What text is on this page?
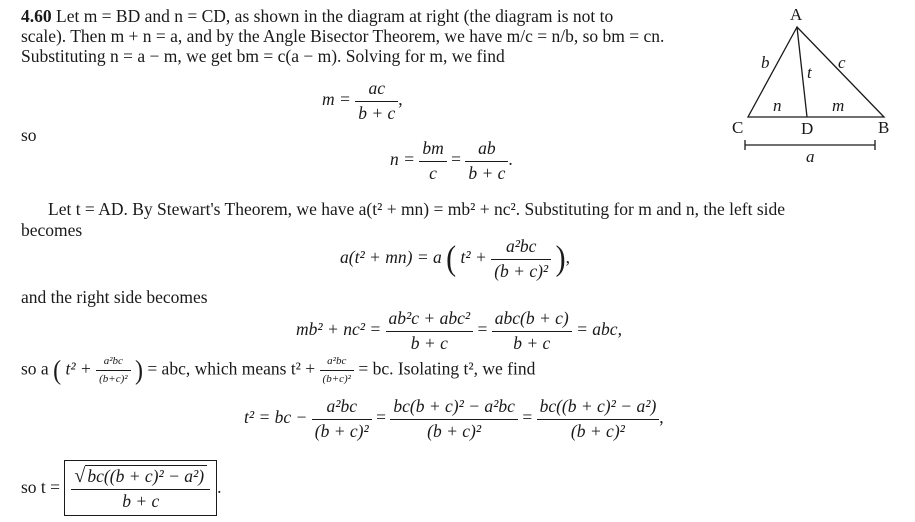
4.60 Let m = BD and n = CD, as shown in the diagram at right (the diagram is not to
scale). Then m + n = a, and by the Angle Bisector Theorem, we have m/c = n/b, so bm = cn.
Substituting n = a − m, we get bm = c(a − m). Solving for m, we find
$m = \frac{ac}{b + c}$ ,
so
$n = \frac{bm}{c} = \frac{ab}{b + c}$ .
Let t = AD. By Stewart's Theorem, we have a(t² + mn) = mb² + nc². Substituting for m and n, the left side
becomes
a(t² + mn) = a ( $t^2 + \frac{\text{a²bc}}{\text{(b + c)²}}$ ),
and the right side becomes
$mb^2 + nc^2 = \frac{\text{ab²c + abc²}}{b + c} = \frac{\text{abc(b + c)}}{b + c}$ = abc,
so a ( $t^2 + \frac{\text{a²bc}}{\text{(b+c)²}}$ ) = abc, which means $t^2 + \frac{\text{a²bc}}{\text{(b+c)²}}$ = bc. Isolating t², we find
t² = bc − $\frac{\text{a²bc}}{\text{(b + c)²}} = \frac{\text{bc(b + c)² − a²bc}}{\text{(b + c)²}} = \frac{\text{bc((b + c)² − a²)}}{\text{(b + c)²}}$ ,
so $t = \frac{\text{√ bc((b + c)² − a²)}}{b + c}$ .
A
C	B
D
b	c
t
n	m
a
